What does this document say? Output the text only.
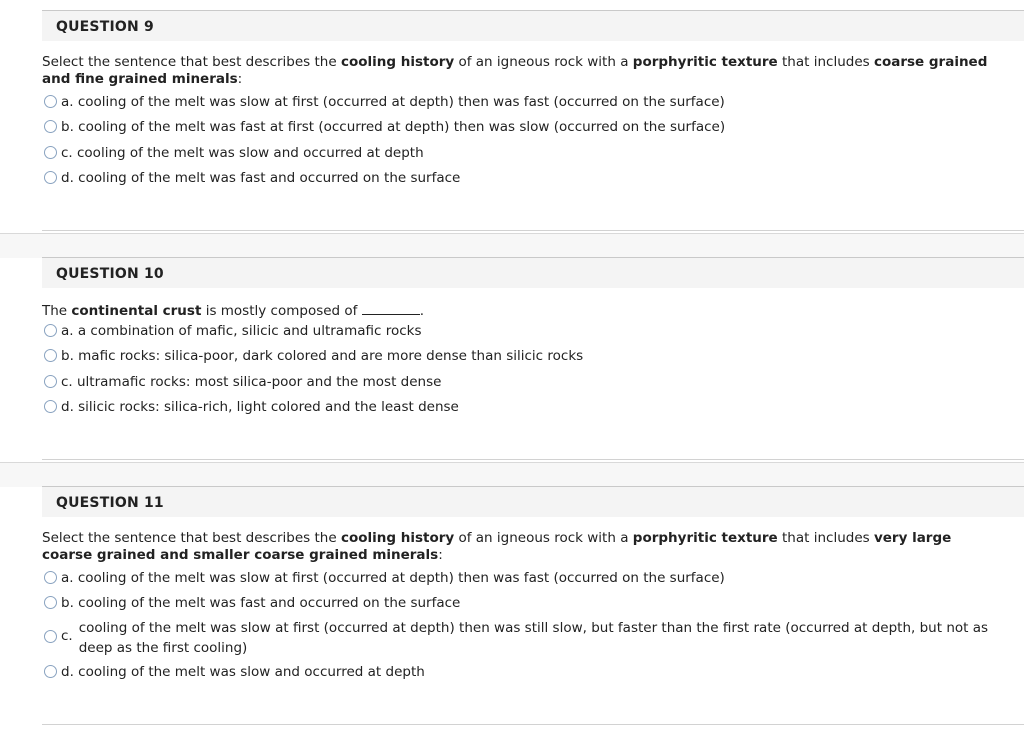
QUESTION 9
Select the sentence that best describes the cooling history of an igneous rock with a porphyritic texture that includes coarse grained and fine grained minerals:
a. cooling of the melt was slow at first (occurred at depth) then was fast (occurred on the surface)
b. cooling of the melt was fast at first (occurred at depth) then was slow (occurred on the surface)
c. cooling of the melt was slow and occurred at depth
d. cooling of the melt was fast and occurred on the surface
QUESTION 10
The continental crust is mostly composed of	.
a. a combination of mafic, silicic and ultramafic rocks
b. mafic rocks: silica-poor, dark colored and are more dense than silicic rocks
c. ultramafic rocks: most silica-poor and the most dense
d. silicic rocks: silica-rich, light colored and the least dense
QUESTION 11
Select the sentence that best describes the cooling history of an igneous rock with a porphyritic texture that includes very large coarse grained and smaller coarse grained minerals:
a. cooling of the melt was slow at first (occurred at depth) then was fast (occurred on the surface)
b. cooling of the melt was fast and occurred on the surface
c. cooling of the melt was slow at first (occurred at depth) then was still slow, but faster than the first rate (occurred at depth, but not as deep as the first cooling)
d. cooling of the melt was slow and occurred at depth
